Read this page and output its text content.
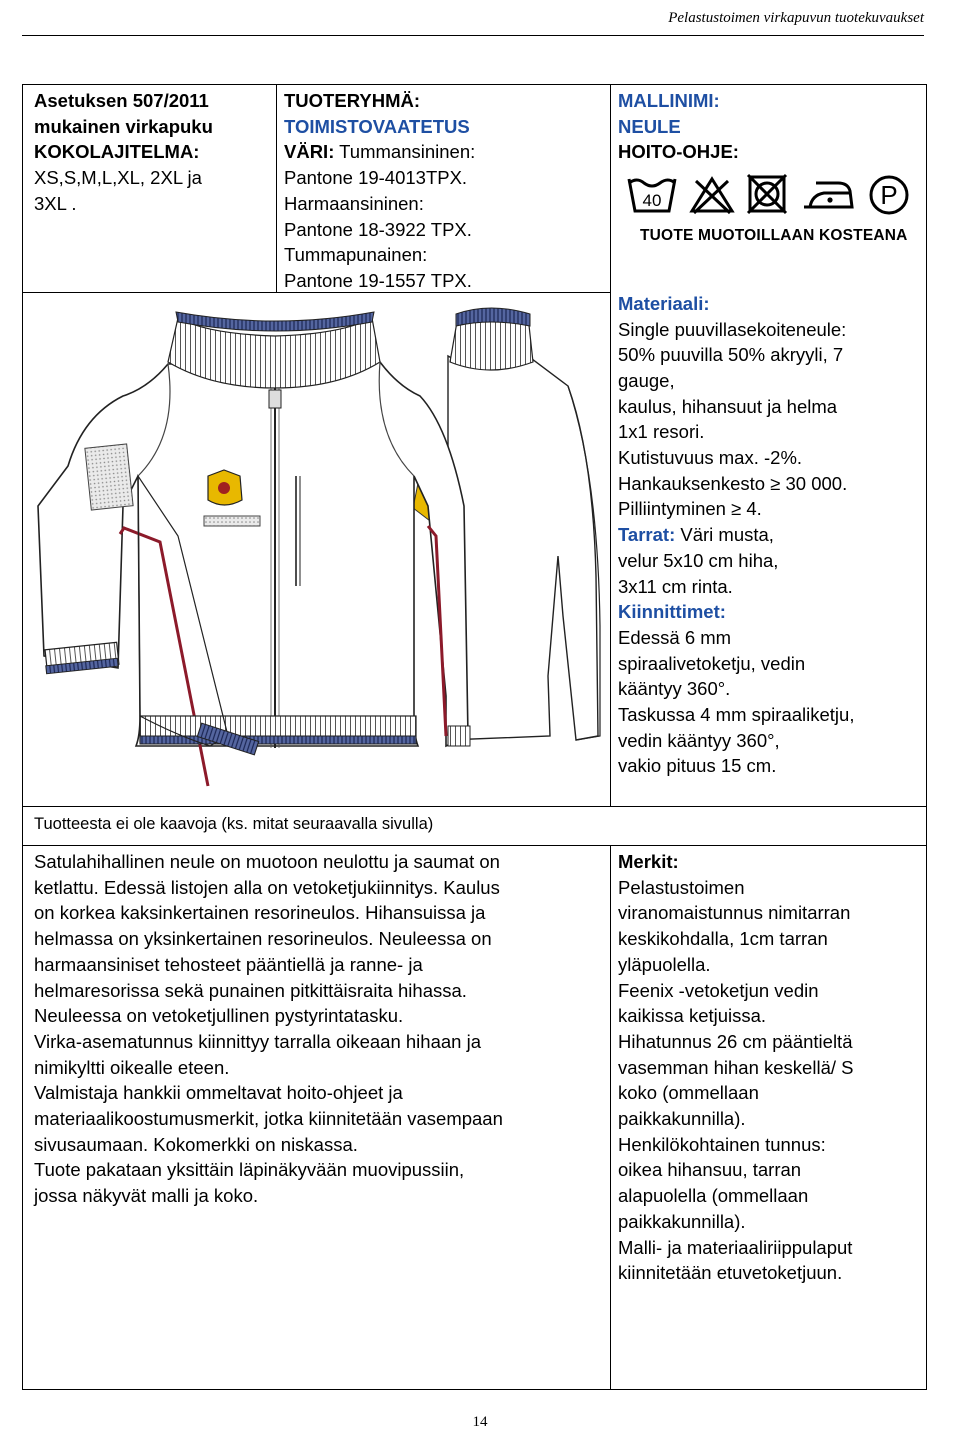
Pelastustoimen virkapuvun tuotekuvaukset
Asetuksen 507/2011
mukainen virkapuku
KOKOLAJITELMA:
XS,S,M,L,XL, 2XL ja
3XL .
TUOTERYHMÄ:
TOIMISTOVAATETUS
VÄRI: Tummansininen:
Pantone 19-4013TPX.
Harmaansininen:
Pantone 18-3922 TPX.
Tummapunainen:
Pantone 19-1557 TPX.
MALLINIMI:
NEULE
HOITO-OHJE:
40	P
TUOTE MUOTOILLAAN KOSTEANA
Materiaali:
Single puuvillasekoiteneule:
50% puuvilla 50% akryyli, 7
gauge,
kaulus, hihansuut ja helma
1x1 resori.
Kutistuvuus max. -2%.
Hankauksenkesto ≥ 30 000.
Pilliintyminen ≥ 4.
Tarrat: Väri musta,
velur 5x10 cm hiha,
3x11 cm rinta.
Kiinnittimet:
Edessä 6 mm
spiraalivetoketju, vedin
kääntyy 360°.
Taskussa 4 mm spiraaliketju,
vedin kääntyy 360°,
vakio pituus 15 cm.
Tuotteesta ei ole kaavoja (ks. mitat seuraavalla sivulla)
Satulahihallinen neule on muotoon neulottu ja saumat on
ketlattu. Edessä listojen alla on vetoketjukiinnitys. Kaulus
on korkea kaksinkertainen resorineulos. Hihansuissa ja
helmassa on yksinkertainen resorineulos. Neuleessa on
harmaansiniset tehosteet pääntiellä ja ranne- ja
helmaresorissa sekä punainen pitkittäisraita hihassa.
Neuleessa on vetoketjullinen pystyrintatasku.
Virka-asematunnus kiinnittyy tarralla oikeaan hihaan ja
nimikyltti oikealle eteen.
Valmistaja hankkii ommeltavat hoito-ohjeet ja
materiaalikoostumusmerkit, jotka kiinnitetään vasempaan
sivusaumaan. Kokomerkki on niskassa.
Tuote pakataan yksittäin läpinäkyvään muovipussiin,
jossa näkyvät malli ja koko.
Merkit:
Pelastustoimen
viranomaistunnus nimitarran
keskikohdalla, 1cm tarran
yläpuolella.
Feenix -vetoketjun vedin
kaikissa ketjuissa.
Hihatunnus 26 cm pääntieltä
vasemman hihan keskellä/ S
koko (ommellaan
paikkakunnilla).
Henkilökohtainen tunnus:
oikea hihansuu, tarran
alapuolella (ommellaan
paikkakunnilla).
Malli- ja materiaaliriippulaput
kiinnitetään etuvetoketjuun.
14
